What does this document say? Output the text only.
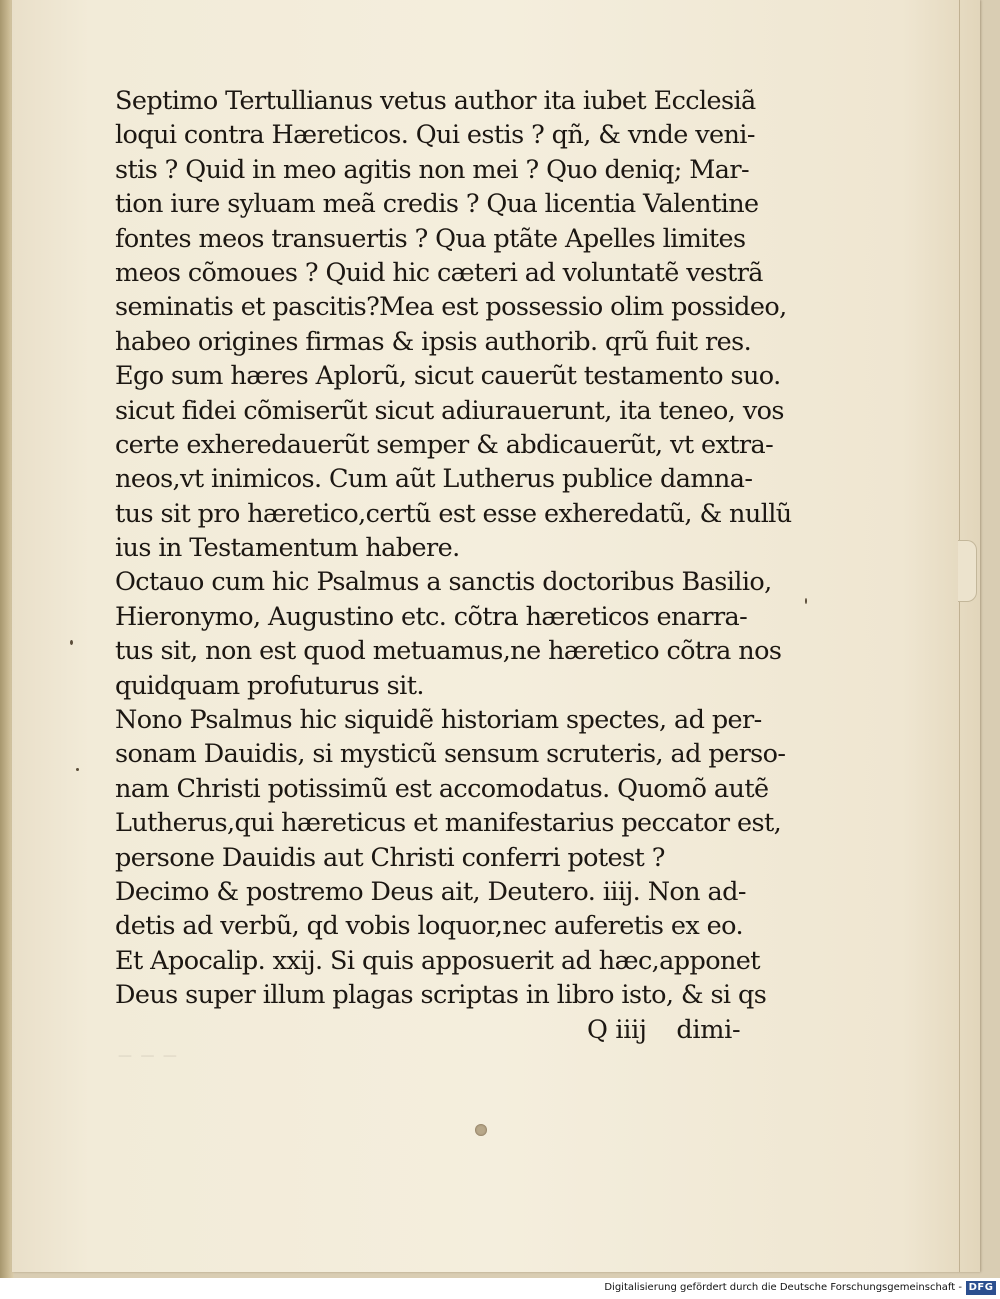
— — —
Septimo Tertullianus vetus author ita iubet Ecclesiã
loqui contra Hæreticos. Qui estis ? qñ, & vnde veni-
stis ? Quid in meo agitis non mei ? Quo deniq; Mar-
tion iure syluam meã credis ? Qua licentia Valentine
fontes meos transuertis ? Qua ptãte Apelles limites
meos cõmoues ? Quid hic cæteri ad voluntatẽ vestrã
seminatis et pascitis?Mea est possessio olim possideo,
habeo origines firmas & ipsis authorib. qrũ fuit res.
Ego sum hæres Aplorũ, sicut cauerũt testamento suo.
sicut fidei cõmiserũt sicut adiurauerunt, ita teneo, vos
certe exheredauerũt semper & abdicauerũt, vt extra-
neos,vt inimicos. Cum aũt Lutherus publice damna-
tus sit pro hæretico,certũ est esse exheredatũ, & nullũ
ius in Testamentum habere.
Octauo cum hic Psalmus a sanctis doctoribus Basilio,
Hieronymo, Augustino etc. cõtra hæreticos enarra-
tus sit, non est quod metuamus,ne hæretico cõtra nos
quidquam profuturus sit.
Nono Psalmus hic siquidẽ historiam spectes, ad per-
sonam Dauidis, si mysticũ sensum scruteris, ad perso-
nam Christi potissimũ est accomodatus. Quomõ autẽ
Lutherus,qui hæreticus et manifestarius peccator est,
persone Dauidis aut Christi conferri potest ?
Decimo & postremo Deus ait, Deutero. iiij. Non ad-
detis ad verbũ, qd vobis loquor,nec auferetis ex eo.
Et Apocalip. xxij. Si quis apposuerit ad hæc,apponet
Deus super illum plagas scriptas in libro isto, & si qs
Q iiij dimi-
Digitalisierung gefördert durch die Deutsche Forschungsgemeinschaft - DFG
